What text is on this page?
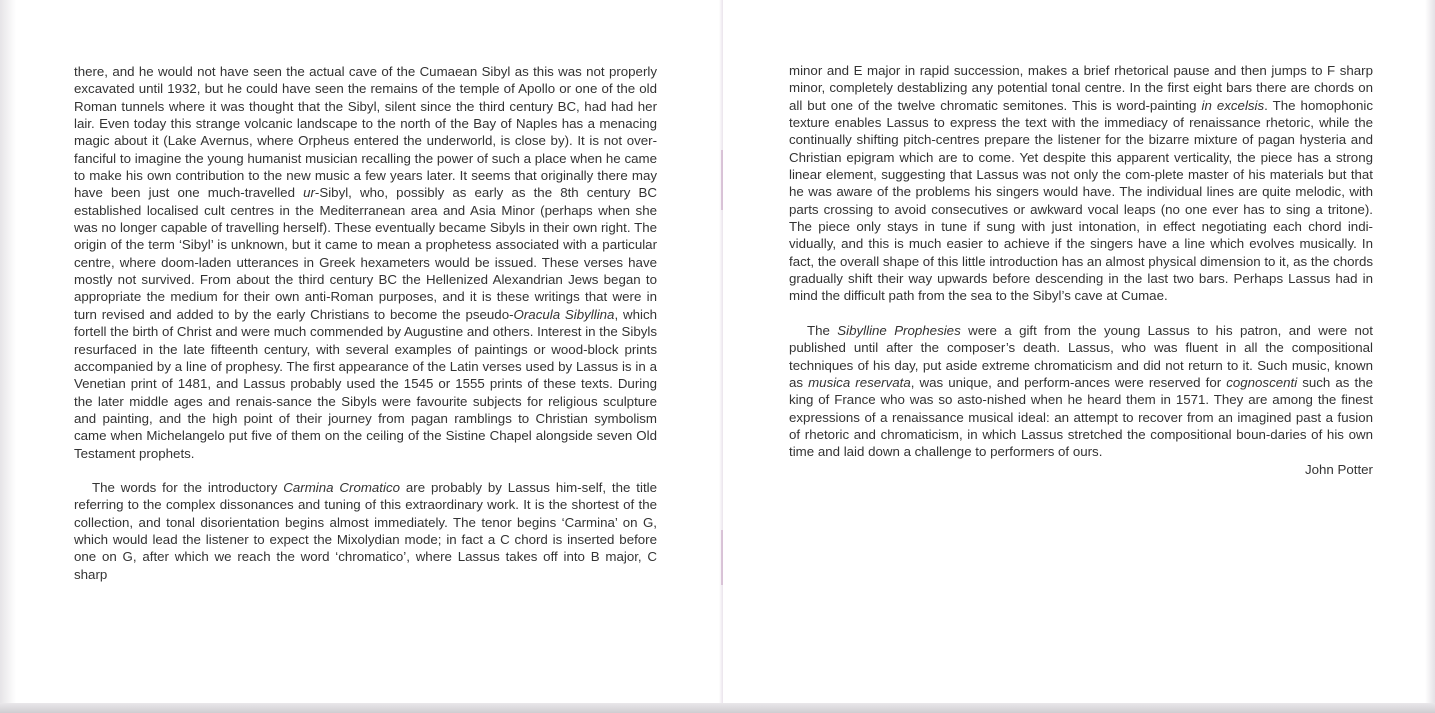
there, and he would not have seen the actual cave of the Cumaean Sibyl as this was not properly excavated until 1932, but he could have seen the remains of the temple of Apollo or one of the old Roman tunnels where it was thought that the Sibyl, silent since the third century BC, had had her lair. Even today this strange volcanic landscape to the north of the Bay of Naples has a menacing magic about it (Lake Avernus, where Orpheus entered the underworld, is close by). It is not over-fanciful to imagine the young humanist musician recalling the power of such a place when he came to make his own contribution to the new music a few years later. It seems that originally there may have been just one much-travelled ur-Sibyl, who, possibly as early as the 8th century BC established localised cult centres in the Mediterranean area and Asia Minor (perhaps when she was no longer capable of travelling herself). These eventually became Sibyls in their own right. The origin of the term ‘Sibyl’ is unknown, but it came to mean a prophetess associated with a particular centre, where doom-laden utterances in Greek hexameters would be issued. These verses have mostly not survived. From about the third century BC the Hellenized Alexandrian Jews began to appropriate the medium for their own anti-Roman purposes, and it is these writings that were in turn revised and added to by the early Christians to become the pseudo-Oracula Sibyllina, which fortell the birth of Christ and were much commended by Augustine and others. Interest in the Sibyls resurfaced in the late fifteenth century, with several examples of paintings or wood-block prints accompanied by a line of prophesy. The first appearance of the Latin verses used by Lassus is in a Venetian print of 1481, and Lassus probably used the 1545 or 1555 prints of these texts. During the later middle ages and renais-sance the Sibyls were favourite subjects for religious sculpture and painting, and the high point of their journey from pagan ramblings to Christian symbolism came when Michelangelo put five of them on the ceiling of the Sistine Chapel alongside seven Old Testament prophets.

The words for the introductory Carmina Cromatico are probably by Lassus him-self, the title referring to the complex dissonances and tuning of this extraordinary work. It is the shortest of the collection, and tonal disorientation begins almost immediately. The tenor begins ‘Carmina’ on G, which would lead the listener to expect the Mixolydian mode; in fact a C chord is inserted before one on G, after which we reach the word ‘chromatico’, where Lassus takes off into B major, C sharp

minor and E major in rapid succession, makes a brief rhetorical pause and then jumps to F sharp minor, completely destablizing any potential tonal centre. In the first eight bars there are chords on all but one of the twelve chromatic semitones. This is word-painting in excelsis. The homophonic texture enables Lassus to express the text with the immediacy of renaissance rhetoric, while the continually shifting pitch-centres prepare the listener for the bizarre mixture of pagan hysteria and Christian epigram which are to come. Yet despite this apparent verticality, the piece has a strong linear element, suggesting that Lassus was not only the com-plete master of his materials but that he was aware of the problems his singers would have. The individual lines are quite melodic, with parts crossing to avoid consecutives or awkward vocal leaps (no one ever has to sing a tritone). The piece only stays in tune if sung with just intonation, in effect negotiating each chord indi-vidually, and this is much easier to achieve if the singers have a line which evolves musically. In fact, the overall shape of this little introduction has an almost physical dimension to it, as the chords gradually shift their way upwards before descending in the last two bars. Perhaps Lassus had in mind the difficult path from the sea to the Sibyl’s cave at Cumae.

The Sibylline Prophesies were a gift from the young Lassus to his patron, and were not published until after the composer’s death. Lassus, who was fluent in all the compositional techniques of his day, put aside extreme chromaticism and did not return to it. Such music, known as musica reservata, was unique, and perform-ances were reserved for cognoscenti such as the king of France who was so asto-nished when he heard them in 1571. They are among the finest expressions of a renaissance musical ideal: an attempt to recover from an imagined past a fusion of rhetoric and chromaticism, in which Lassus stretched the compositional boun-daries of his own time and laid down a challenge to performers of ours.

John Potter
